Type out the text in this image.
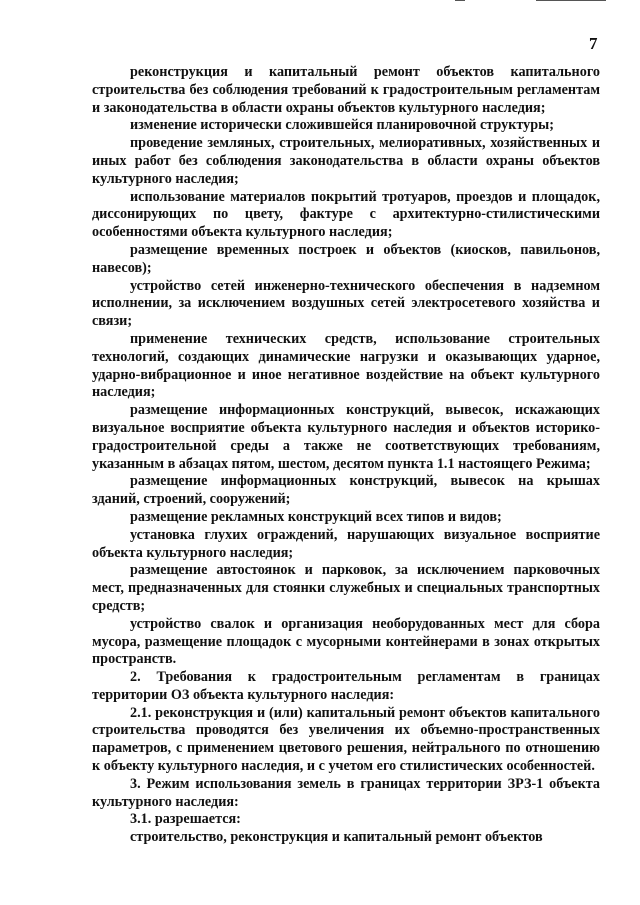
7

реконструкция и капитальный ремонт объектов капитального строительства без соблюдения требований к градостроительным регламентам и законодательства в области охраны объектов культурного наследия;

изменение исторически сложившейся планировочной структуры;

проведение земляных, строительных, мелиоративных, хозяйственных и иных работ без соблюдения законодательства в области охраны объектов культурного наследия;

использование материалов покрытий тротуаров, проездов и площадок, диссонирующих по цвету, фактуре с архитектурно-стилистическими особенностями объекта культурного наследия;

размещение временных построек и объектов (киосков, павильонов, навесов);

устройство сетей инженерно-технического обеспечения в надземном исполнении, за исключением воздушных сетей электросетевого хозяйства и связи;

применение технических средств, использование строительных технологий, создающих динамические нагрузки и оказывающих ударное, ударно-вибрационное и иное негативное воздействие на объект культурного наследия;

размещение информационных конструкций, вывесок, искажающих визуальное восприятие объекта культурного наследия и объектов историко-градостроительной среды а также не соответствующих требованиям, указанным в абзацах пятом, шестом, десятом пункта 1.1 настоящего Режима;

размещение информационных конструкций, вывесок на крышах зданий, строений, сооружений;

размещение рекламных конструкций всех типов и видов;

установка глухих ограждений, нарушающих визуальное восприятие объекта культурного наследия;

размещение автостоянок и парковок, за исключением парковочных мест, предназначенных для стоянки служебных и специальных транспортных средств;

устройство свалок и организация необорудованных мест для сбора мусора, размещение площадок с мусорными контейнерами в зонах открытых пространств.

2. Требования к градостроительным регламентам в границах территории ОЗ объекта культурного наследия:

2.1. реконструкция и (или) капитальный ремонт объектов капитального строительства проводятся без увеличения их объемно-пространственных параметров, с применением цветового решения, нейтрального по отношению к объекту культурного наследия, и с учетом его стилистических особенностей.

3. Режим использования земель в границах территории ЗРЗ-1 объекта культурного наследия:

3.1. разрешается:

строительство, реконструкция и капитальный ремонт объектов
